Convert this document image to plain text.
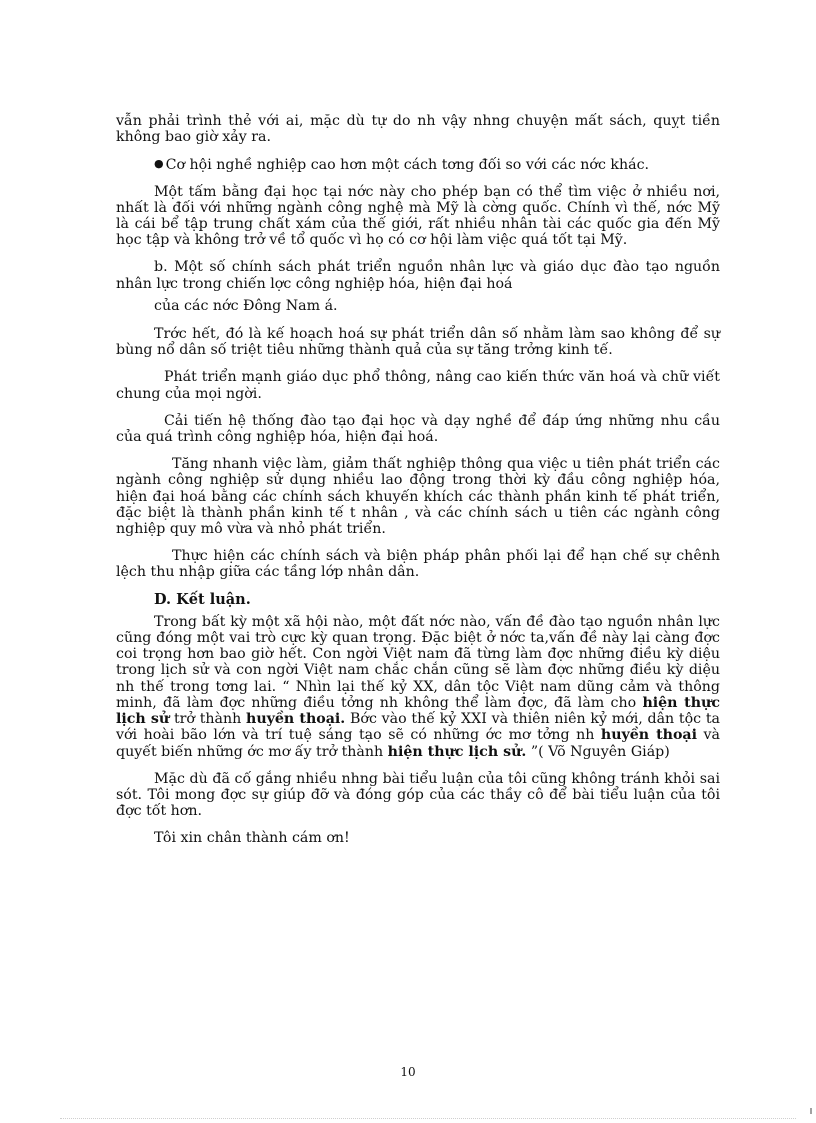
vẫn phải trình thẻ với ai, mặc dù tự do nh vậy nhng chuyện mất sách, quỵt tiền không bao giờ xảy ra.

● Cơ hội nghề nghiệp cao hơn một cách tơng đối so với các nớc khác.

Một tấm bằng đại học tại nớc này cho phép bạn có thể tìm việc ở nhiều nơi, nhất là đối với những ngành công nghệ mà Mỹ là cờng quốc. Chính vì thế, nớc Mỹ là cái bể tập trung chất xám của thế giới, rất nhiều nhân tài các quốc gia đến Mỹ học tập và không trở về tổ quốc vì họ có cơ hội làm việc quá tốt tại Mỹ.

b. Một số chính sách phát triển nguồn nhân lực và giáo dục đào tạo nguồn nhân lực trong chiến lợc công nghiệp hóa, hiện đại hoá

của các nớc Đông Nam á.

Trớc hết, đó là kế hoạch hoá sự phát triển dân số nhằm làm sao không để sự bùng nổ dân số triệt tiêu những thành quả của sự tăng trởng kinh tế.

Phát triển mạnh giáo dục phổ thông, nâng cao kiến thức văn hoá và chữ viết chung của mọi ngời.

Cải tiến hệ thống đào tạo đại học và dạy nghề để đáp ứng những nhu cầu của quá trình công nghiệp hóa, hiện đại hoá.

Tăng nhanh việc làm, giảm thất nghiệp thông qua việc u tiên phát triển các ngành công nghiệp sử dụng nhiều lao động trong thời kỳ đầu công nghiệp hóa, hiện đại hoá bằng các chính sách khuyến khích các thành phần kinh tế phát triển, đặc biệt là thành phần kinh tế t nhân , và các chính sách u tiên các ngành công nghiệp quy mô vừa và nhỏ phát triển.

Thực hiện các chính sách và biện pháp phân phối lại để hạn chế sự chênh lệch thu nhập giữa các tầng lớp nhân dân.

D. Kết luận.

Trong bất kỳ một xã hội nào, một đất nớc nào, vấn đề đào tạo nguồn nhân lực cũng đóng một vai trò cực kỳ quan trọng. Đặc biệt ở nớc ta,vấn đề này lại càng đợc coi trọng hơn bao giờ hết. Con ngời Việt nam đã từng làm đợc những điều kỳ diệu trong lịch sử và con ngời Việt nam chắc chắn cũng sẽ làm đợc những điều kỳ diệu nh thế trong tơng lai. “ Nhìn lại thế kỷ XX, dân tộc Việt nam dũng cảm và thông minh, đã làm đợc những điều tởng nh không thể làm đợc, đã làm cho hiện thực lịch sử trở thành huyền thoại. Bớc vào thế kỷ XXI và thiên niên kỷ mới, dân tộc ta với hoài bão lớn và trí tuệ sáng tạo sẽ có những ớc mơ tởng nh huyền thoại và quyết biến những ớc mơ ấy trở thành hiện thực lịch sử. ”( Võ Nguyên Giáp)

Mặc dù đã cố gắng nhiều nhng bài tiểu luận của tôi cũng không tránh khỏi sai sót. Tôi mong đợc sự giúp đỡ và đóng góp của các thầy cô để bài tiểu luận của tôi đợc tốt hơn.

Tôi xin chân thành cám ơn!

10
